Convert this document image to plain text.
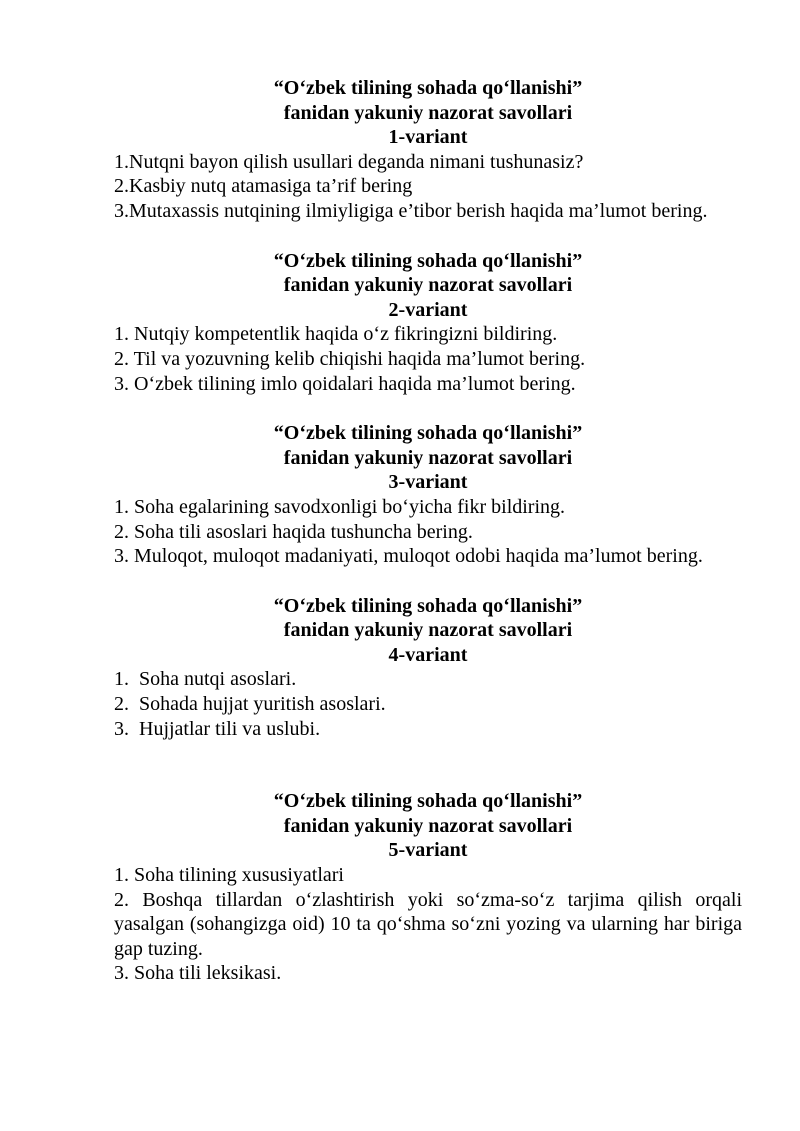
“O‘zbek tilining sohada qo‘llanishi”

fanidan yakuniy nazorat savollari

1-variant

1.Nutqni bayon qilish usullari deganda nimani tushunasiz?

2.Kasbiy nutq atamasiga ta’rif bering

3.Mutaxassis nutqining ilmiyligiga e’tibor berish haqida ma’lumot bering.

“O‘zbek tilining sohada qo‘llanishi”

fanidan yakuniy nazorat savollari

2-variant

1. Nutqiy kompetentlik haqida o‘z fikringizni bildiring.

2. Til va yozuvning kelib chiqishi haqida ma’lumot bering.

3. O‘zbek tilining imlo qoidalari haqida ma’lumot bering.

“O‘zbek tilining sohada qo‘llanishi”

fanidan yakuniy nazorat savollari

3-variant

1. Soha egalarining savodxonligi bo‘yicha fikr bildiring.

2. Soha tili asoslari haqida tushuncha bering.

3. Muloqot, muloqot madaniyati, muloqot odobi haqida ma’lumot bering.

“O‘zbek tilining sohada qo‘llanishi”

fanidan yakuniy nazorat savollari

4-variant

1. Soha nutqi asoslari.

2. Sohada hujjat yuritish asoslari.

3. Hujjatlar tili va uslubi.

“O‘zbek tilining sohada qo‘llanishi”

fanidan yakuniy nazorat savollari

5-variant

1. Soha tilining xususiyatlari

2. Boshqa tillardan o‘zlashtirish yoki so‘zma-so‘z tarjima qilish orqali yasalgan (sohangizga oid) 10 ta qo‘shma so‘zni yozing va ularning har biriga gap tuzing.

3. Soha tili leksikasi.
